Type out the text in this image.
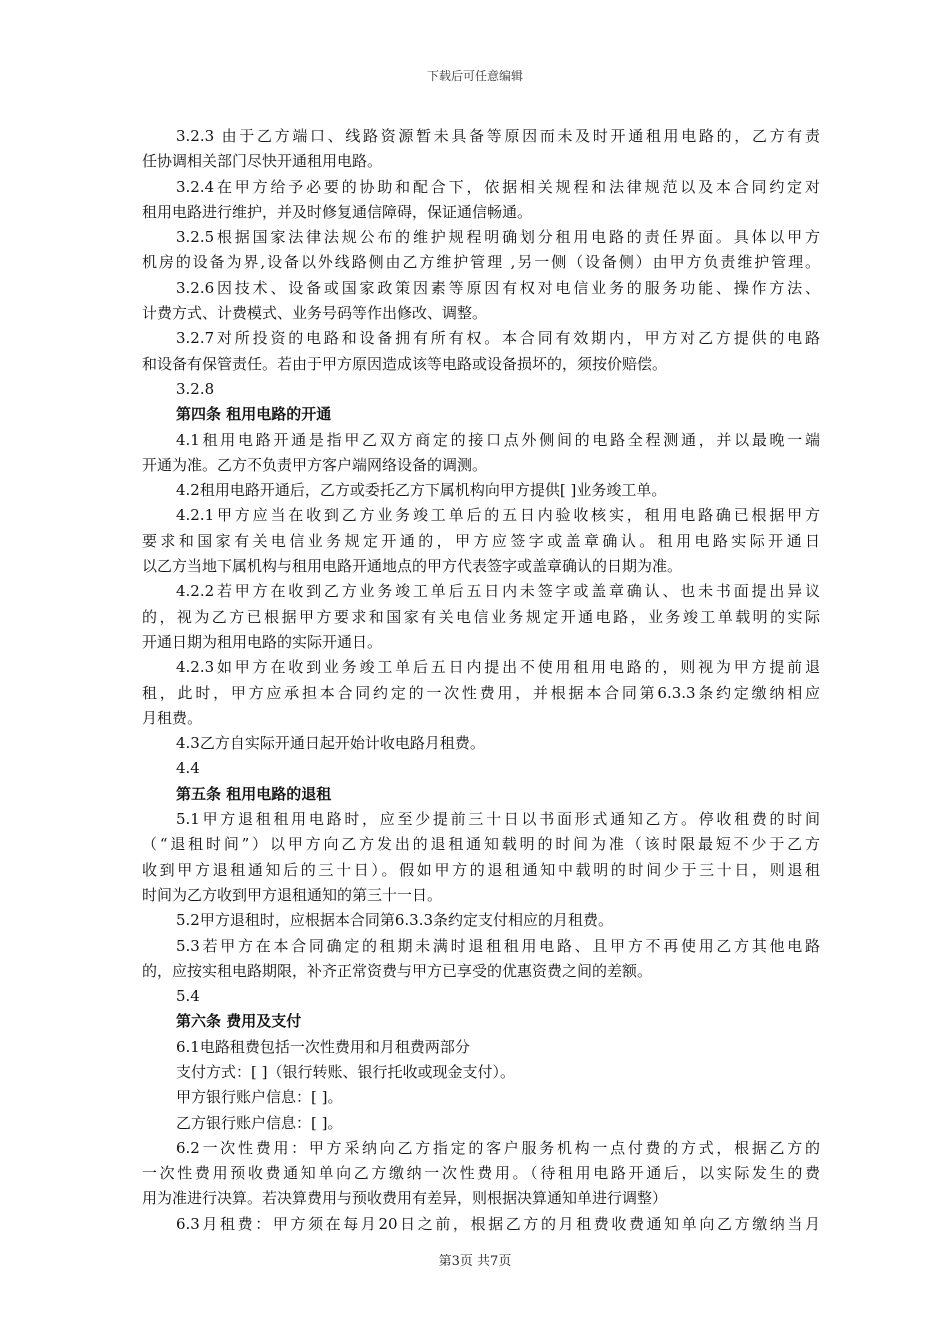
下载后可任意编辑
3.2.3 由于乙方端口、线路资源暂未具备等原因而未及时开通租用电路的，乙方有责
任协调相关部门尽快开通租用电路。
3.2.4在甲方给予必要的协助和配合下，依据相关规程和法律规范以及本合同约定对
租用电路进行维护，并及时修复通信障碍，保证通信畅通。
3.2.5根据国家法律法规公布的维护规程明确划分租用电路的责任界面。具体以甲方
机房的设备为界,设备以外线路侧由乙方维护管理 ,另一侧（设备侧）由甲方负责维护管理。
3.2.6因技术、设备或国家政策因素等原因有权对电信业务的服务功能、操作方法、
计费方式、计费模式、业务号码等作出修改、调整。
3.2.7对所投资的电路和设备拥有所有权。本合同有效期内，甲方对乙方提供的电路
和设备有保管责任。若由于甲方原因造成该等电路或设备损坏的，须按价赔偿。
3.2.8
第四条 租用电路的开通
4.1租用电路开通是指甲乙双方商定的接口点外侧间的电路全程测通，并以最晚一端
开通为准。乙方不负责甲方客户端网络设备的调测。
4.2租用电路开通后，乙方或委托乙方下属机构向甲方提供[ ]业务竣工单。
4.2.1甲方应当在收到乙方业务竣工单后的五日内验收核实，租用电路确已根据甲方
要求和国家有关电信业务规定开通的，甲方应签字或盖章确认。租用电路实际开通日
以乙方当地下属机构与租用电路开通地点的甲方代表签字或盖章确认的日期为准。
4.2.2若甲方在收到乙方业务竣工单后五日内未签字或盖章确认、也未书面提出异议
的，视为乙方已根据甲方要求和国家有关电信业务规定开通电路，业务竣工单载明的实际
开通日期为租用电路的实际开通日。
4.2.3如甲方在收到业务竣工单后五日内提出不使用租用电路的，则视为甲方提前退
租，此时，甲方应承担本合同约定的一次性费用，并根据本合同第6.3.3条约定缴纳相应
月租费。
4.3乙方自实际开通日起开始计收电路月租费。
4.4
第五条 租用电路的退租
5.1甲方退租租用电路时，应至少提前三十日以书面形式通知乙方。停收租费的时间
（“退租时间”）以甲方向乙方发出的退租通知载明的时间为准（该时限最短不少于乙方
收到甲方退租通知后的三十日）。假如甲方的退租通知中载明的时间少于三十日，则退租
时间为乙方收到甲方退租通知的第三十一日。
5.2甲方退租时，应根据本合同第6.3.3条约定支付相应的月租费。
5.3若甲方在本合同确定的租期未满时退租租用电路、且甲方不再使用乙方其他电路
的，应按实租电路期限，补齐正常资费与甲方已享受的优惠资费之间的差额。
5.4
第六条 费用及支付
6.1电路租费包括一次性费用和月租费两部分
支付方式：[ ]（银行转账、银行托收或现金支付）。
甲方银行账户信息：[ ]。
乙方银行账户信息：[ ]。
6.2一次性费用：甲方采纳向乙方指定的客户服务机构一点付费的方式，根据乙方的
一次性费用预收费通知单向乙方缴纳一次性费用。（待租用电路开通后，以实际发生的费
用为准进行决算。若决算费用与预收费用有差异，则根据决算通知单进行调整）
6.3月租费：甲方须在每月20日之前，根据乙方的月租费收费通知单向乙方缴纳当月
第3页 共7页
